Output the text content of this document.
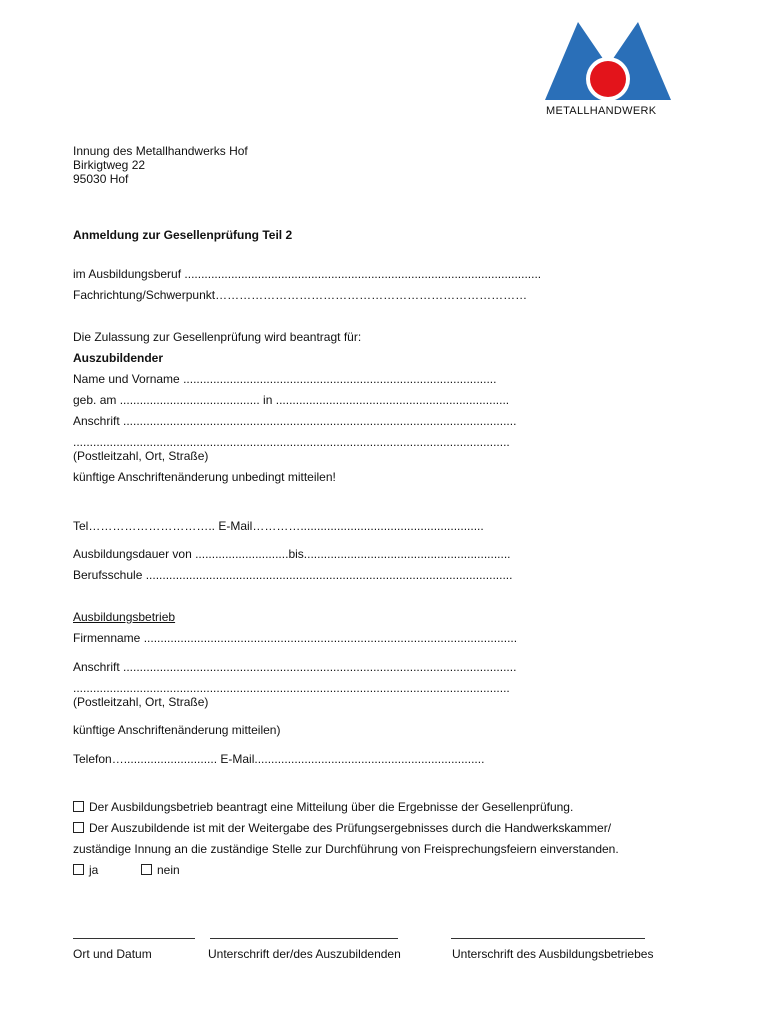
METALLHANDWERK
Innung des Metallhandwerks Hof
Birkigtweg 22
95030 Hof
Anmeldung zur Gesellenprüfung Teil 2
im Ausbildungsberuf ...........................................................................................................
Fachrichtung/Schwerpunkt……………………………………………………………………
Die Zulassung zur Gesellenprüfung wird beantragt für:
Auszubildender
Name und Vorname ..............................................................................................
geb. am .......................................... in ......................................................................
Anschrift ......................................................................................................................
...................................................................................................................................
(Postleitzahl, Ort, Straße)
künftige Anschriftenänderung unbedingt mitteilen!
Tel………………………….. E-Mail………….......................................................
Ausbildungsdauer von ............................bis..............................................................
Berufsschule ..............................................................................................................
Ausbildungsbetrieb
Firmenname ................................................................................................................
Anschrift ......................................................................................................................
...................................................................................................................................
(Postleitzahl, Ort, Straße)
künftige Anschriftenänderung mitteilen)
Telefon…............................ E-Mail.....................................................................
Der Ausbildungsbetrieb beantragt eine Mitteilung über die Ergebnisse der Gesellenprüfung.
Der Auszubildende ist mit der Weitergabe des Prüfungsergebnisses durch die Handwerkskammer/
zuständige Innung an die zuständige Stelle zur Durchführung von Freisprechungsfeiern einverstanden.
ja	nein
Ort und Datum	Unterschrift der/des Auszubildenden	Unterschrift des Ausbildungsbetriebes
